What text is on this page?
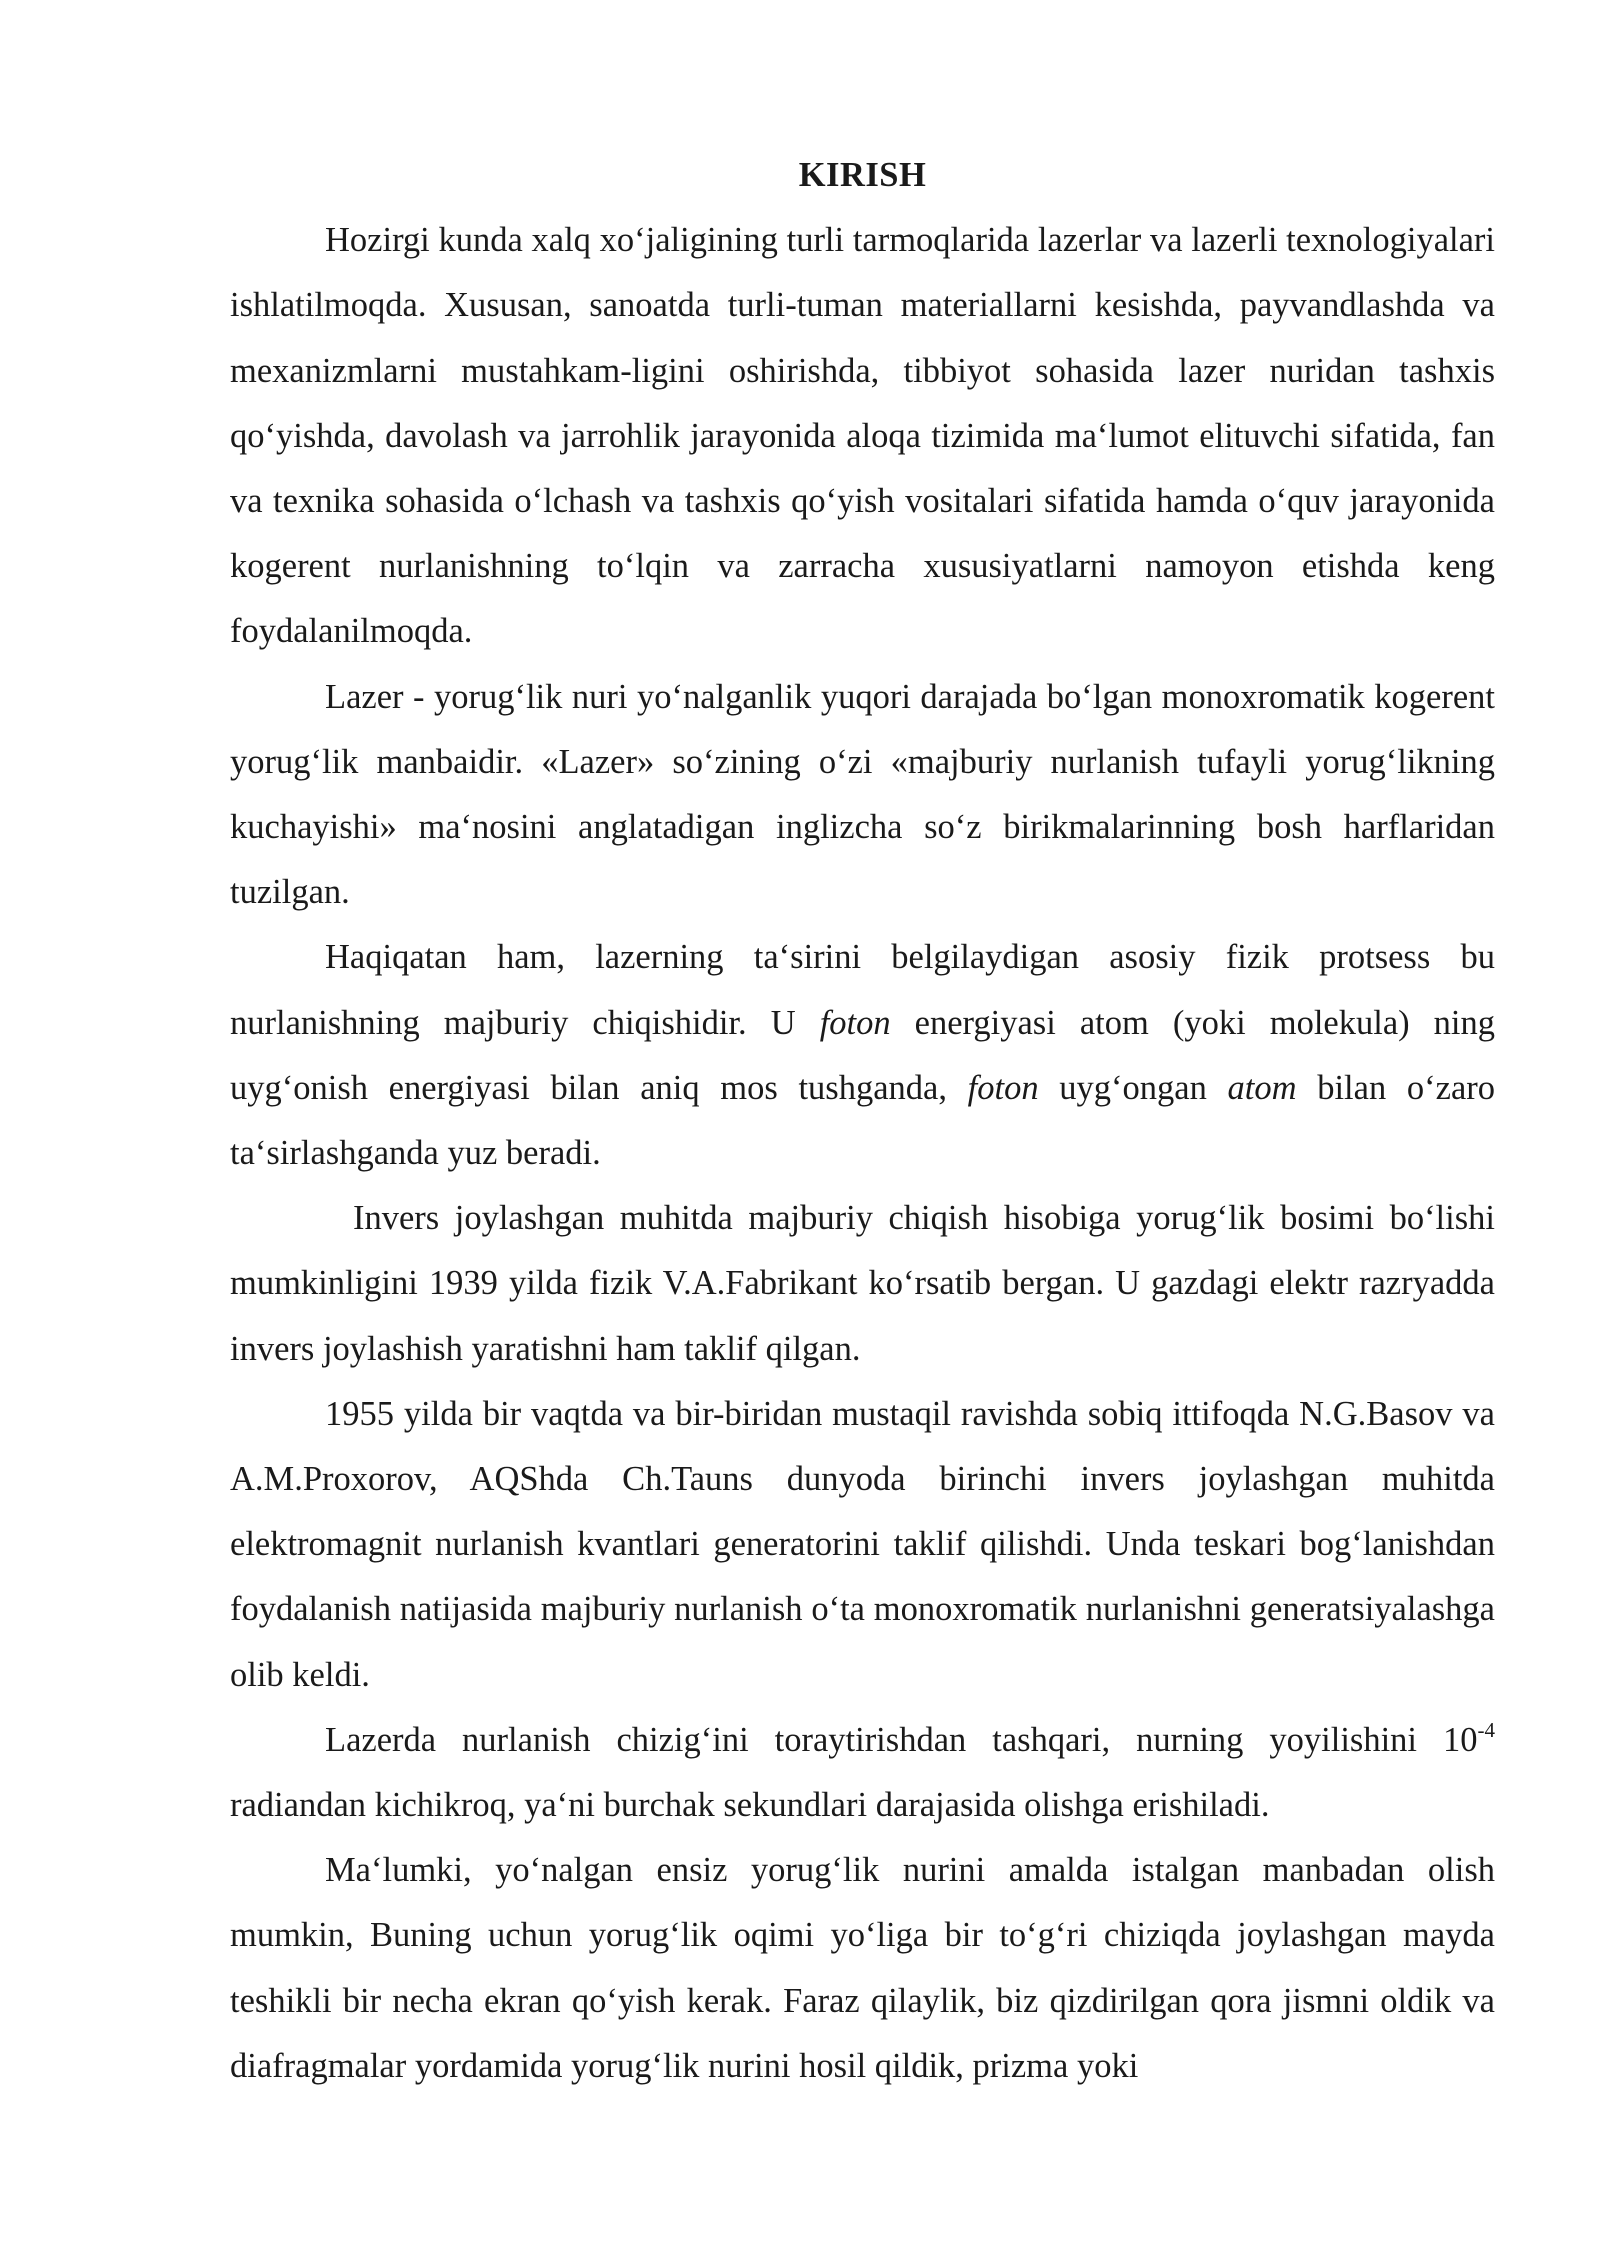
KIRISH

Hozirgi kunda xalq xo‘jaligining turli tarmoqlarida lazerlar va lazerli texnologiyalari ishlatilmoqda. Xususan, sanoatda turli-tuman materiallarni kesishda, payvandlashda va mexanizmlarni mustahkam-ligini oshirishda, tibbiyot sohasida lazer nuridan tashxis qo‘yishda, davolash va jarrohlik jarayonida aloqa tizimida ma‘lumot elituvchi sifatida, fan va texnika sohasida o‘lchash va tashxis qo‘yish vositalari sifatida hamda o‘quv jarayonida kogerent nurlanishning to‘lqin va zarracha xususiyatlarni namoyon etishda keng foydalanilmoqda.

Lazer - yorug‘lik nuri yo‘nalganlik yuqori darajada bo‘lgan monoxromatik kogerent yorug‘lik manbaidir. «Lazer» so‘zining o‘zi «majburiy nurlanish tufayli yorug‘likning kuchayishi» ma‘nosini anglatadigan inglizcha so‘z birikmalarinning bosh harflaridan tuzilgan.

Haqiqatan ham, lazerning ta‘sirini belgilaydigan asosiy fizik protsess bu nurlanishning majburiy chiqishidir. U foton energiyasi atom (yoki molekula) ning uyg‘onish energiyasi bilan aniq mos tushganda, foton uyg‘ongan atom bilan o‘zaro ta‘sirlashganda yuz beradi.

Invers joylashgan muhitda majburiy chiqish hisobiga yorug‘lik bosimi bo‘lishi mumkinligini 1939 yilda fizik V.A.Fabrikant ko‘rsatib bergan. U gazdagi elektr razryadda invers joylashish yaratishni ham taklif qilgan.

1955 yilda bir vaqtda va bir-biridan mustaqil ravishda sobiq ittifoqda N.G.Basov va A.M.Proxorov, AQShda Ch.Tauns dunyoda birinchi invers joylashgan muhitda elektromagnit nurlanish kvantlari generatorini taklif qilishdi. Unda teskari bog‘lanishdan foydalanish natijasida majburiy nurlanish o‘ta monoxromatik nurlanishni generatsiyalashga olib keldi.

Lazerda nurlanish chizig‘ini toraytirishdan tashqari, nurning yoyilishini $10^{-4}$ radiandan kichikroq, ya‘ni burchak sekundlari darajasida olishga erishiladi.

Ma‘lumki, yo‘nalgan ensiz yorug‘lik nurini amalda istalgan manbadan olish mumkin, Buning uchun yorug‘lik oqimi yo‘liga bir to‘g‘ri chiziqda joylashgan mayda teshikli bir necha ekran qo‘yish kerak. Faraz qilaylik, biz qizdirilgan qora jismni oldik va diafragmalar yordamida yorug‘lik nurini hosil qildik, prizma yoki
